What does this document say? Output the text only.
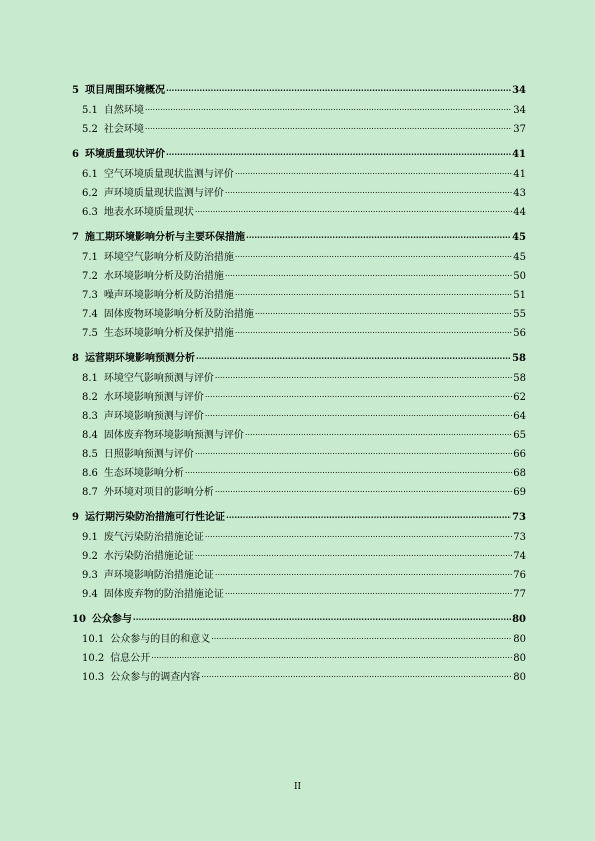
5 项目周围环境概况 .....	34
5.1 自然环境 .....	34
5.2 社会环境 .....	37
6 环境质量现状评价 .....	41
6.1 空气环境质量现状监测与评价 .....	41
6.2 声环境质量现状监测与评价 .....	43
6.3 地表水环境质量现状 .....	44
7 施工期环境影响分析与主要环保措施 .....	45
7.1 环境空气影响分析及防治措施 .....	45
7.2 水环境影响分析及防治措施 .....	50
7.3 噪声环境影响分析及防治措施 .....	51
7.4 固体废物环境影响分析及防治措施 .....	55
7.5 生态环境影响分析及保护措施 .....	56
8 运营期环境影响预测分析 .....	58
8.1 环境空气影响预测与评价 .....	58
8.2 水环境影响预测与评价 .....	62
8.3 声环境影响预测与评价 .....	64
8.4 固体废弃物环境影响预测与评价 .....	65
8.5 日照影响预测与评价 .....	66
8.6 生态环境影响分析 .....	68
8.7 外环境对项目的影响分析 .....	69
9 运行期污染防治措施可行性论证 .....	73
9.1 废气污染防治措施论证 .....	73
9.2 水污染防治措施论证 .....	74
9.3 声环境影响防治措施论证 .....	76
9.4 固体废弃物的防治措施论证 .....	77
10 公众参与 .....	80
10.1 公众参与的目的和意义 .....	80
10.2 信息公开 .....	80
10.3 公众参与的调查内容 .....	80
II
